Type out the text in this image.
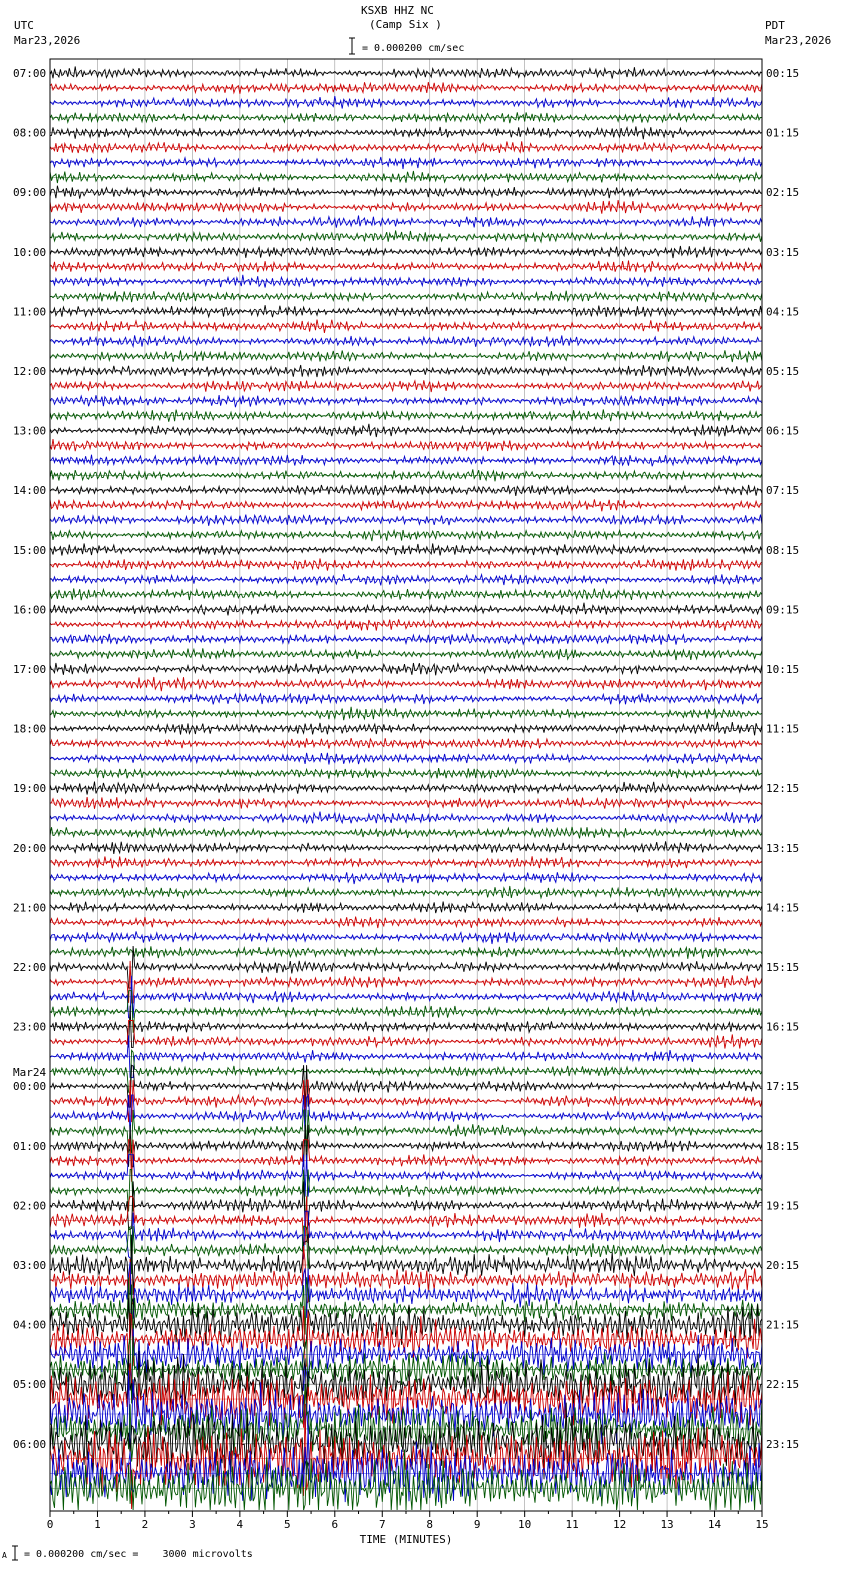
KSXB HHZ NC
(Camp Six )
UTC
Mar23,2026
PDT
Mar23,2026
= 0.000200 cm/sec
A = 0.000200 cm/sec =    3000 microvolts
0	1	2	3	4	5	6	7	8	9	10	11	12	13	14	15
TIME (MINUTES)
07:00
08:00
09:00
10:00
11:00
12:00
13:00
14:00
15:00
16:00
17:00
18:00
19:00
20:00
21:00
22:00
23:00
00:00
Mar24
01:00
02:00
03:00
04:00
05:00
06:00
00:15
01:15
02:15
03:15
04:15
05:15
06:15
07:15
08:15
09:15
10:15
11:15
12:15
13:15
14:15
15:15
16:15
17:15
18:15
19:15
20:15
21:15
22:15
23:15
